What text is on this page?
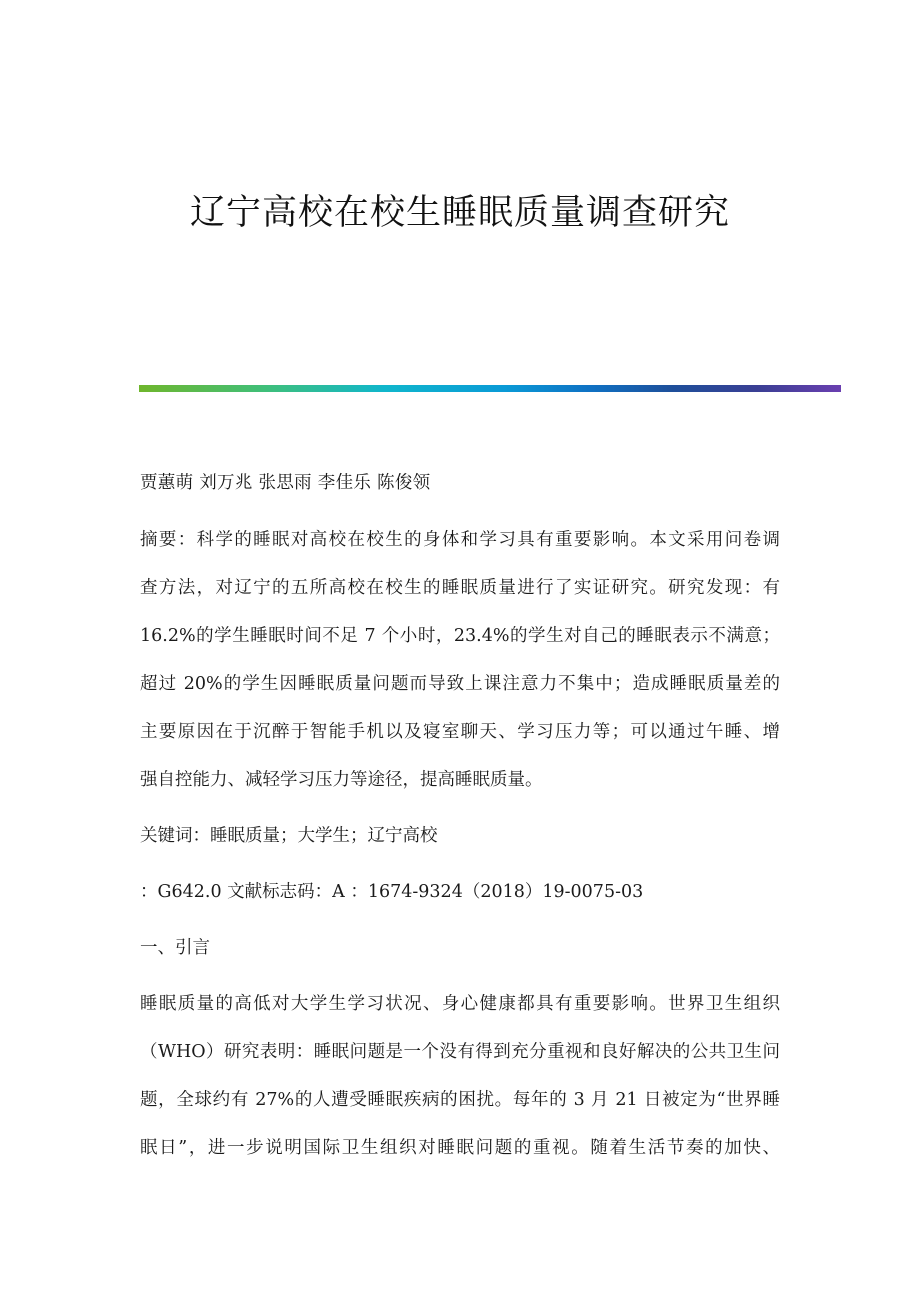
辽宁高校在校生睡眠质量调查研究

贾蕙萌 刘万兆 张思雨 李佳乐 陈俊领

摘要：科学的睡眠对高校在校生的身体和学习具有重要影响。本文采用问卷调

查方法，对辽宁的五所高校在校生的睡眠质量进行了实证研究。研究发现：有

16.2%的学生睡眠时间不足 7 个小时，23.4%的学生对自己的睡眠表示不满意；

超过 20%的学生因睡眠质量问题而导致上课注意力不集中；造成睡眠质量差的

主要原因在于沉醉于智能手机以及寝室聊天、学习压力等；可以通过午睡、增

强自控能力、减轻学习压力等途径，提高睡眠质量。

关键词：睡眠质量；大学生；辽宁高校

：G642.0 文献标志码：A ：1674-9324（2018）19-0075-03

一、引言

睡眠质量的高低对大学生学习状况、身心健康都具有重要影响。世界卫生组织

（WHO）研究表明：睡眠问题是一个没有得到充分重视和良好解决的公共卫生问

题，全球约有 27%的人遭受睡眠疾病的困扰。每年的 3 月 21 日被定为“世界睡

眠日”，进一步说明国际卫生组织对睡眠问题的重视。随着生活节奏的加快、
